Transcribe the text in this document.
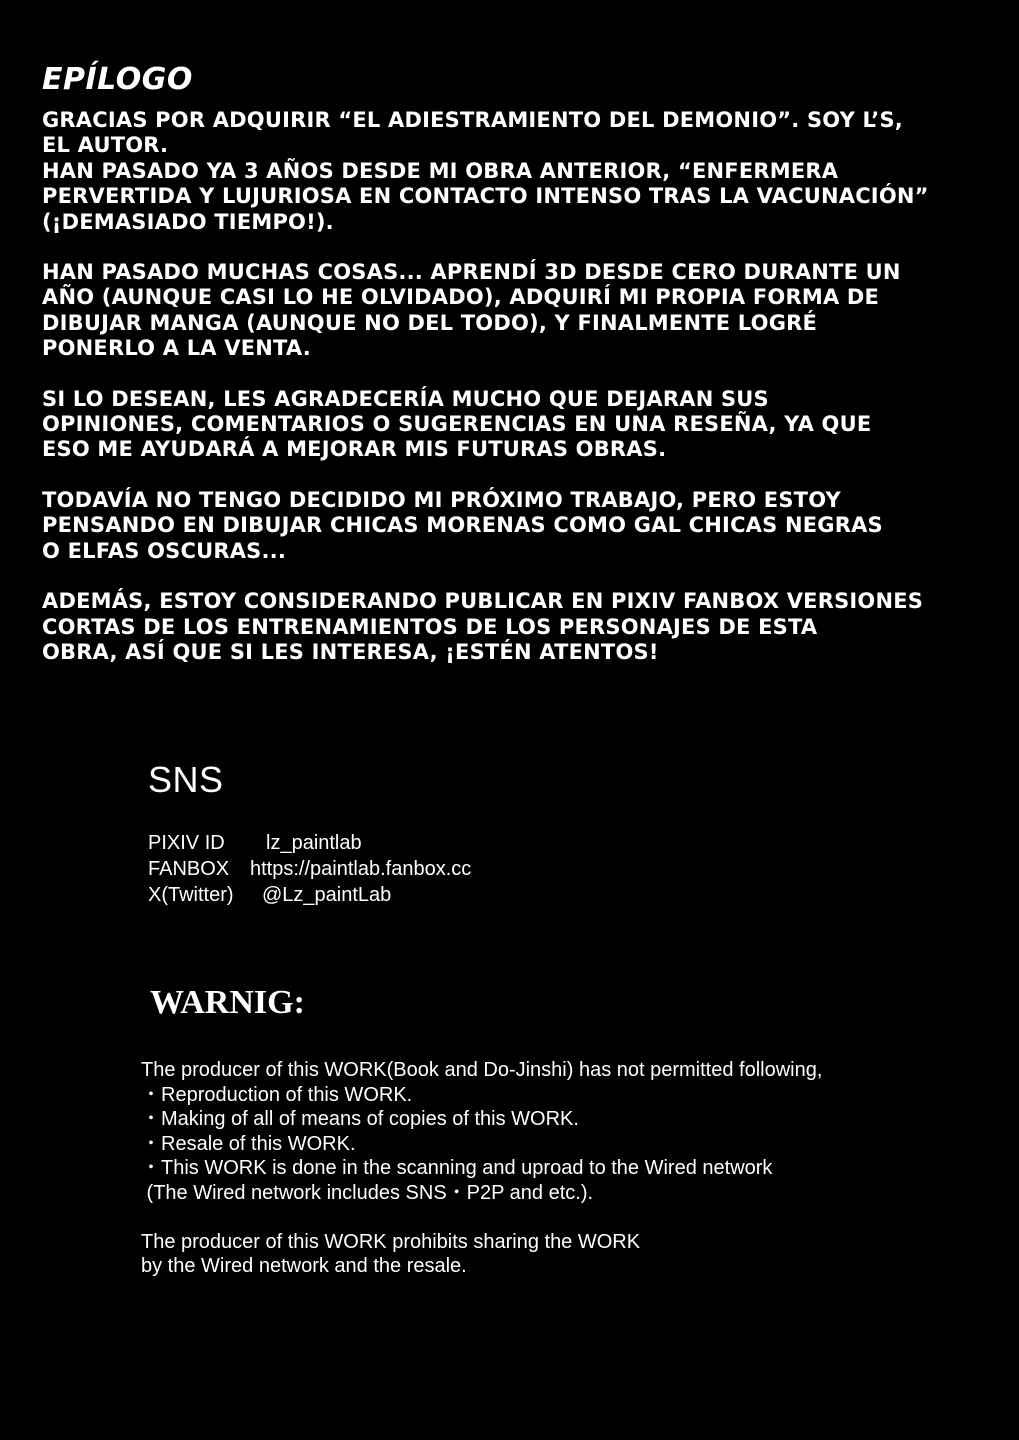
EPÍLOGO

GRACIAS POR ADQUIRIR “EL ADIESTRAMIENTO DEL DEMONIO”. SOY L’S,
EL AUTOR.
HAN PASADO YA 3 AÑOS DESDE MI OBRA ANTERIOR, “ENFERMERA
PERVERTIDA Y LUJURIOSA EN CONTACTO INTENSO TRAS LA VACUNACIÓN”
(¡DEMASIADO TIEMPO!).

HAN PASADO MUCHAS COSAS... APRENDÍ 3D DESDE CERO DURANTE UN
AÑO (AUNQUE CASI LO HE OLVIDADO), ADQUIRÍ MI PROPIA FORMA DE
DIBUJAR MANGA (AUNQUE NO DEL TODO), Y FINALMENTE LOGRÉ
PONERLO A LA VENTA.

SI LO DESEAN, LES AGRADECERÍA MUCHO QUE DEJARAN SUS
OPINIONES, COMENTARIOS O SUGERENCIAS EN UNA RESEÑA, YA QUE
ESO ME AYUDARÁ A MEJORAR MIS FUTURAS OBRAS.

TODAVÍA NO TENGO DECIDIDO MI PRÓXIMO TRABAJO, PERO ESTOY
PENSANDO EN DIBUJAR CHICAS MORENAS COMO GAL CHICAS NEGRAS
O ELFAS OSCURAS...

ADEMÁS, ESTOY CONSIDERANDO PUBLICAR EN PIXIV FANBOX VERSIONES
CORTAS DE LOS ENTRENAMIENTOS DE LOS PERSONAJES DE ESTA
OBRA, ASÍ QUE SI LES INTERESA, ¡ESTÉN ATENTOS!

SNS
PIXIV ID	lz_paintlab
FANBOX	https://paintlab.fanbox.cc
X(Twitter)	@Lz_paintLab
WARNIG:
The producer of this WORK(Book and Do-Jinshi) has not permitted following,
・Reproduction of this WORK.
・Making of all of means of copies of this WORK.
・Resale of this WORK.
・This WORK is done in the scanning and uproad to the Wired network
(The Wired network includes SNS・P2P and etc.).
The producer of this WORK prohibits sharing the WORK
by the Wired network and the resale.
